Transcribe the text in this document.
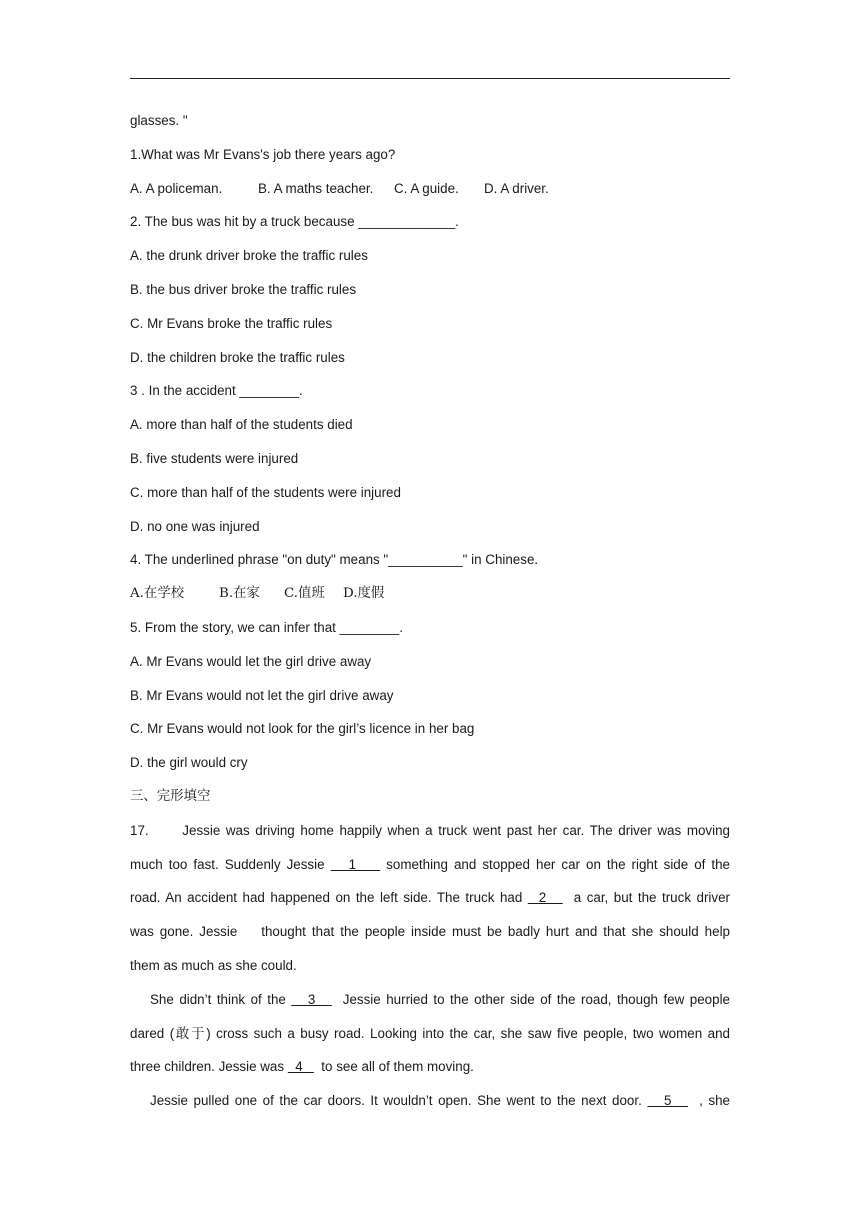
glasses. "
1.What was Mr Evans's job there years ago?
A. A policeman.	B. A maths teacher. C. A guide. D. A driver.
2. The bus was hit by a truck because _____________.
A. the drunk driver broke the traffic rules
B. the bus driver broke the traffic rules
C. Mr Evans broke the traffic rules
D. the children broke the traffic rules
3 . In the accident ________.
A. more than half of the students died
B. five students were injured
C. more than half of the students were injured
D. no one was injured
4. The underlined phrase "on duty" means "__________" in Chinese.
A.在学校	B.在家 C.值班 D.度假
5. From the story, we can infer that ________.
A. Mr Evans would let the girl drive away
B. Mr Evans would not let the girl drive away
C. Mr Evans would not look for the girl’s licence in her bag
D. the girl would cry
三、完形填空
17.      Jessie was driving home happily when a truck went past her car. The driver was moving
much too fast. Suddenly Jessie    1     something and stopped her car on the right side of the
road. An accident had happened on the left side. The truck had   2     a car, but the truck driver
was gone. Jessie    thought that the people inside must be badly hurt and that she should help
them as much as she could.
She didn’t think of the    3     Jessie hurried to the other side of the road, though few people
dared (敢于) cross such a busy road. Looking into the car, she saw five people, two women and
three children. Jessie was   4     to see all of them moving.
Jessie pulled one of the car doors. It wouldn’t open. She went to the next door.    5     , she
